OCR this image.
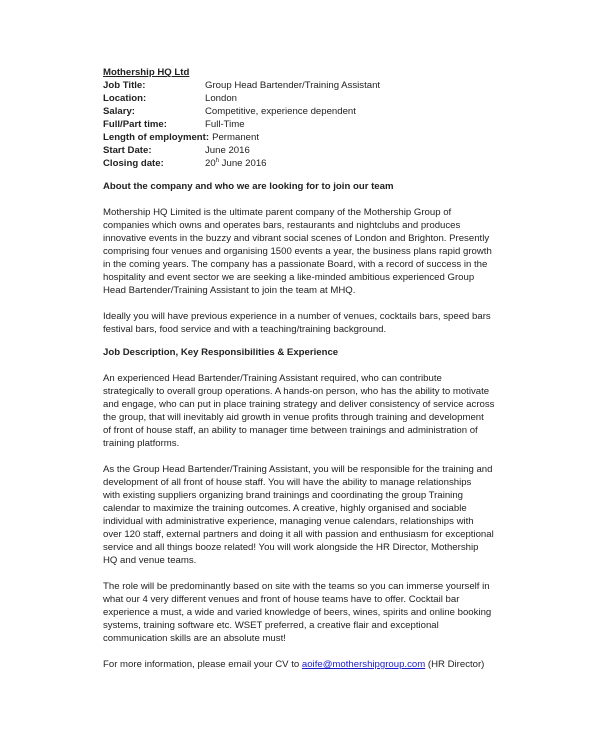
Mothership HQ Ltd
Job Title:	Group Head Bartender/Training Assistant
Location:	London
Salary:	Competitive, experience dependent
Full/Part time:	Full-Time
Length of employment: Permanent
Start Date:	June 2016
Closing date:	20$^h$ June 2016
About the company and who we are looking for to join our team
Mothership HQ Limited is the ultimate parent company of the Mothership Group of
companies which owns and operates bars, restaurants and nightclubs and produces
innovative events in the buzzy and vibrant social scenes of London and Brighton. Presently
comprising four venues and organising 1500 events a year, the business plans rapid growth
in the coming years. The company has a passionate Board, with a record of success in the
hospitality and event sector we are seeking a like-minded ambitious experienced Group
Head Bartender/Training Assistant to join the team at MHQ.
Ideally you will have previous experience in a number of venues, cocktails bars, speed bars
festival bars, food service and with a teaching/training background.
Job Description, Key Responsibilities & Experience
An experienced Head Bartender/Training Assistant required, who can contribute
strategically to overall group operations. A hands-on person, who has the ability to motivate
and engage, who can put in place training strategy and deliver consistency of service across
the group, that will inevitably aid growth in venue profits through training and development
of front of house staff, an ability to manager time between trainings and administration of
training platforms.
As the Group Head Bartender/Training Assistant, you will be responsible for the training and
development of all front of house staff. You will have the ability to manage relationships
with existing suppliers organizing brand trainings and coordinating the group Training
calendar to maximize the training outcomes. A creative, highly organised and sociable
individual with administrative experience, managing venue calendars, relationships with
over 120 staff, external partners and doing it all with passion and enthusiasm for exceptional
service and all things booze related! You will work alongside the HR Director, Mothership
HQ and venue teams.
The role will be predominantly based on site with the teams so you can immerse yourself in
what our 4 very different venues and front of house teams have to offer. Cocktail bar
experience a must, a wide and varied knowledge of beers, wines, spirits and online booking
systems, training software etc. WSET preferred, a creative flair and exceptional
communication skills are an absolute must!
For more information, please email your CV to aoife@mothershipgroup.com (HR Director)
